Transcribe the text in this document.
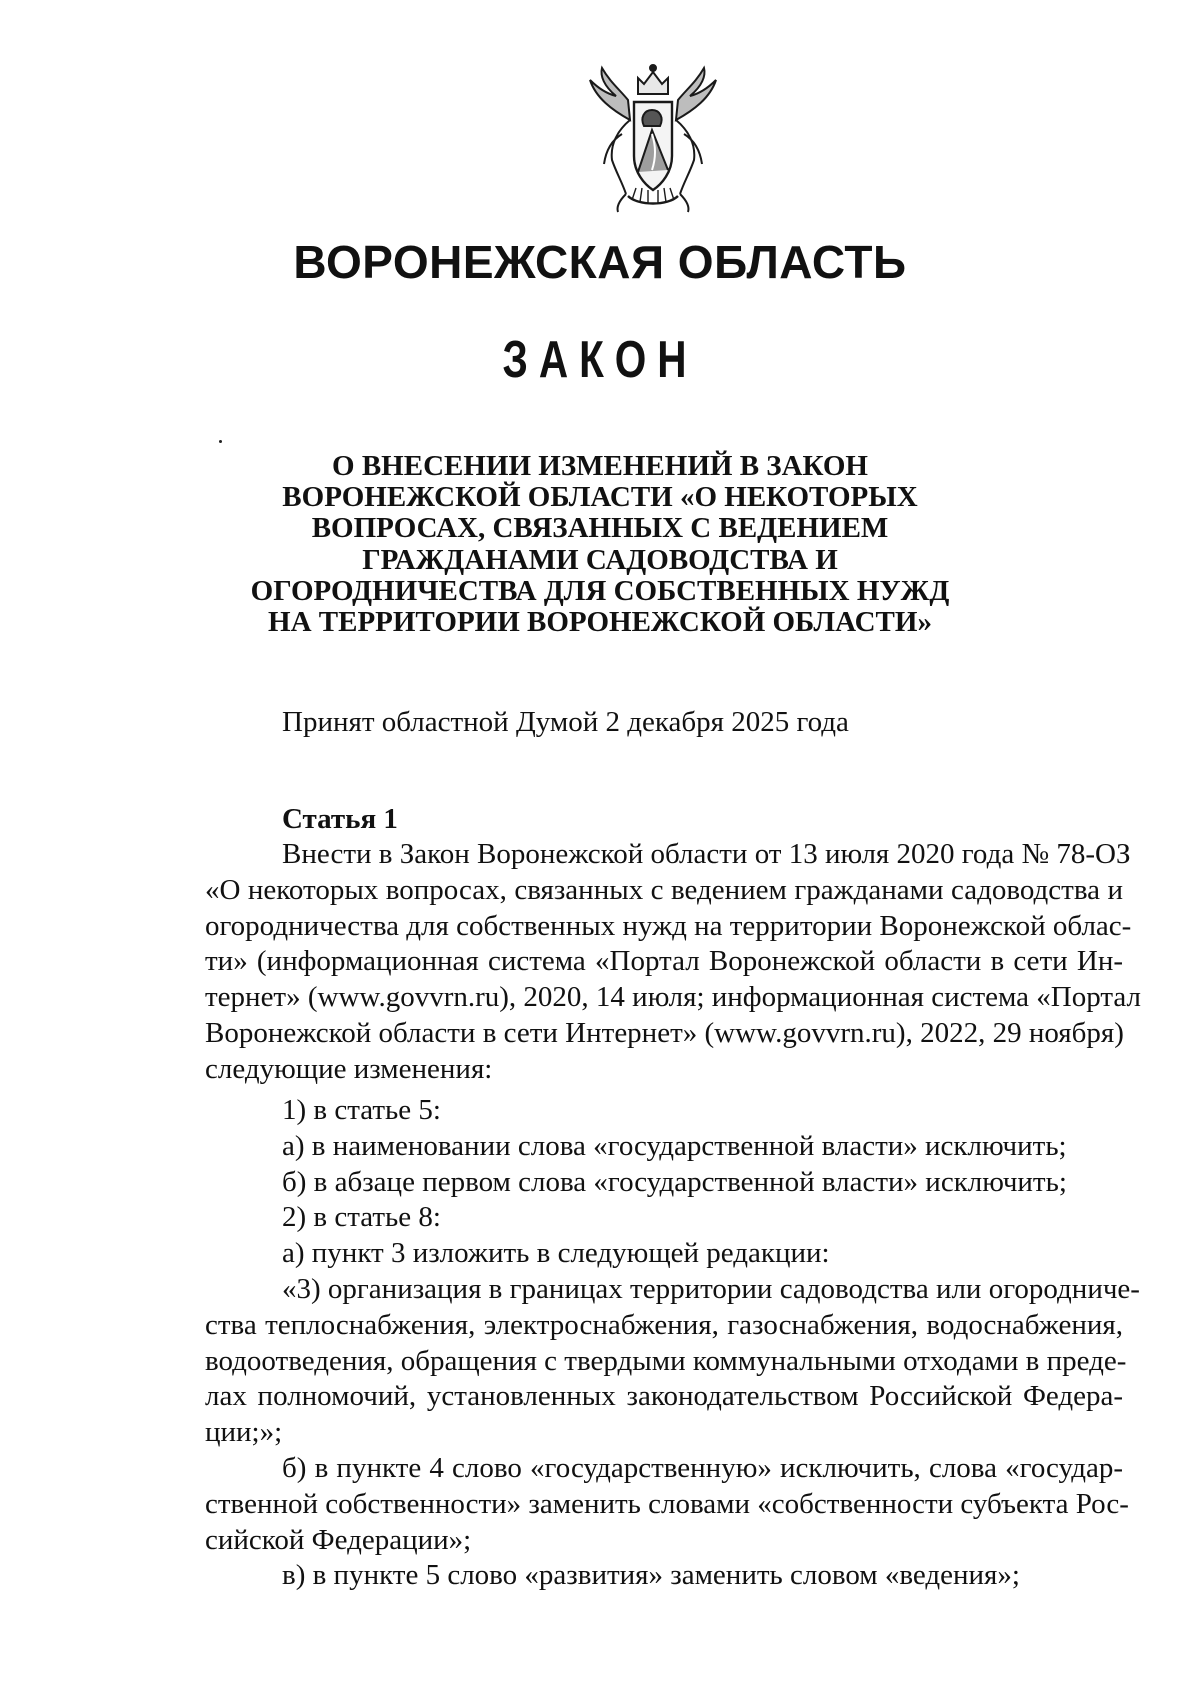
ВОРОНЕЖСКАЯ ОБЛАСТЬ
ЗАКОН
О ВНЕСЕНИИ ИЗМЕНЕНИЙ В ЗАКОН
ВОРОНЕЖСКОЙ ОБЛАСТИ «О НЕКОТОРЫХ
ВОПРОСАХ, СВЯЗАННЫХ С ВЕДЕНИЕМ
ГРАЖДАНАМИ САДОВОДСТВА И
ОГОРОДНИЧЕСТВА ДЛЯ СОБСТВЕННЫХ НУЖД
НА ТЕРРИТОРИИ ВОРОНЕЖСКОЙ ОБЛАСТИ»
Принят областной Думой 2 декабря 2025 года
Статья 1
Внести в Закон Воронежской области от 13 июля 2020 года № 78-ОЗ
«О некоторых вопросах, связанных с ведением гражданами садоводства и
огородничества для собственных нужд на территории Воронежской облас-
ти» (информационная система «Портал Воронежской области в сети Ин-
тернет» (www.govvrn.ru), 2020, 14 июля; информационная система «Портал
Воронежской области в сети Интернет» (www.govvrn.ru), 2022, 29 ноября)
следующие изменения:
1) в статье 5:
а) в наименовании слова «государственной власти» исключить;
б) в абзаце первом слова «государственной власти» исключить;
2) в статье 8:
а) пункт 3 изложить в следующей редакции:
«3) организация в границах территории садоводства или огородниче-
ства теплоснабжения, электроснабжения, газоснабжения, водоснабжения,
водоотведения, обращения с твердыми коммунальными отходами в преде-
лах полномочий, установленных законодательством Российской Федера-
ции;»;
б) в пункте 4 слово «государственную» исключить, слова «государ-
ственной собственности» заменить словами «собственности субъекта Рос-
сийской Федерации»;
в) в пункте 5 слово «развития» заменить словом «ведения»;
